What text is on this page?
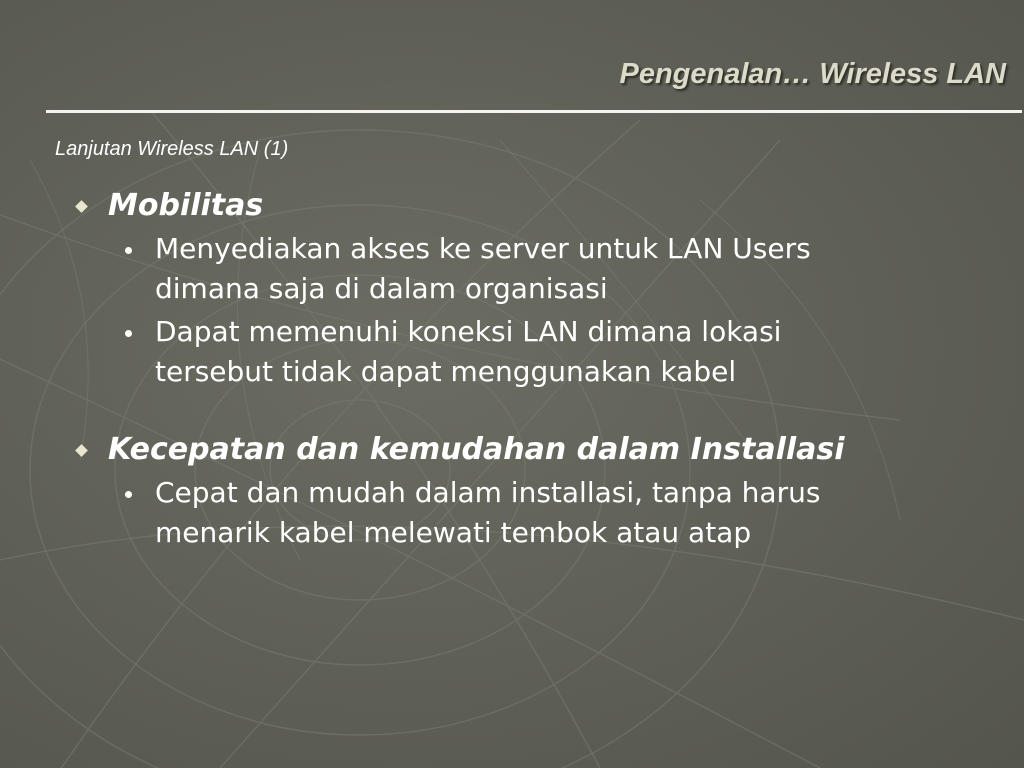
Pengenalan… Wireless LAN
Lanjutan Wireless LAN (1)
Mobilitas
Menyediakan akses ke server untuk LAN Users dimana saja di dalam organisasi
Dapat memenuhi koneksi LAN dimana lokasi tersebut tidak dapat menggunakan kabel
Kecepatan dan kemudahan dalam Installasi
Cepat dan mudah dalam installasi, tanpa harus menarik kabel melewati tembok atau atap
